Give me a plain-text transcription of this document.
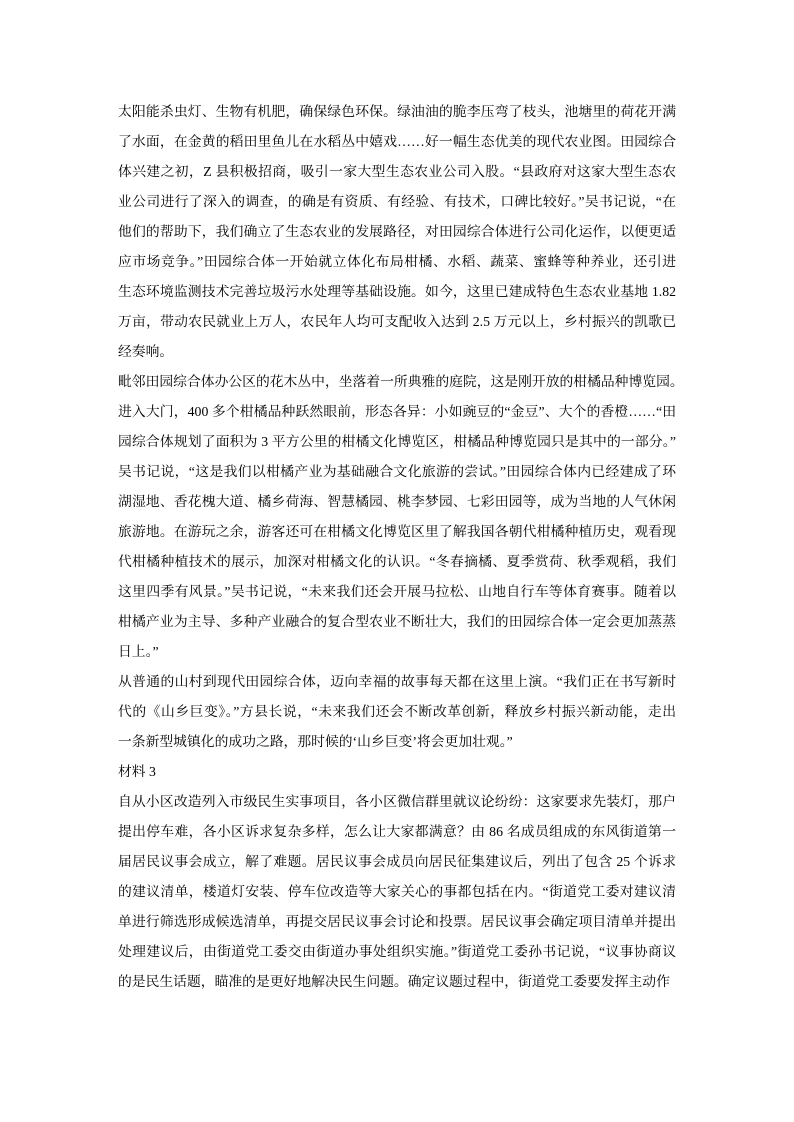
太阳能杀虫灯、生物有机肥，确保绿色环保。绿油油的脆李压弯了枝头，池塘里的荷花开满
了水面，在金黄的稻田里鱼儿在水稻丛中嬉戏……好一幅生态优美的现代农业图。田园综合
体兴建之初，Z 县积极招商，吸引一家大型生态农业公司入股。“县政府对这家大型生态农
业公司进行了深入的调查，的确是有资质、有经验、有技术，口碑比较好。”吴书记说，“在
他们的帮助下，我们确立了生态农业的发展路径，对田园综合体进行公司化运作，以便更适
应市场竞争。”田园综合体一开始就立体化布局柑橘、水稻、蔬菜、蜜蜂等种养业，还引进
生态环境监测技术完善垃圾污水处理等基础设施。如今，这里已建成特色生态农业基地 1.82
万亩，带动农民就业上万人，农民年人均可支配收入达到 2.5 万元以上，乡村振兴的凯歌已
经奏响。
毗邻田园综合体办公区的花木丛中，坐落着一所典雅的庭院，这是刚开放的柑橘品种博览园。
进入大门，400 多个柑橘品种跃然眼前，形态各异：小如豌豆的“金豆”、大个的香橙……“田
园综合体规划了面积为 3 平方公里的柑橘文化博览区，柑橘品种博览园只是其中的一部分。”
吴书记说，“这是我们以柑橘产业为基础融合文化旅游的尝试。”田园综合体内已经建成了环
湖湿地、香花槐大道、橘乡荷海、智慧橘园、桃李梦园、七彩田园等，成为当地的人气休闲
旅游地。在游玩之余，游客还可在柑橘文化博览区里了解我国各朝代柑橘种植历史，观看现
代柑橘种植技术的展示，加深对柑橘文化的认识。“冬春摘橘、夏季赏荷、秋季观稻，我们
这里四季有风景。”吴书记说，“未来我们还会开展马拉松、山地自行车等体育赛事。随着以
柑橘产业为主导、多种产业融合的复合型农业不断壮大，我们的田园综合体一定会更加蒸蒸
日上。”
从普通的山村到现代田园综合体，迈向幸福的故事每天都在这里上演。“我们正在书写新时
代的《山乡巨变》。”方县长说，“未来我们还会不断改革创新，释放乡村振兴新动能，走出
一条新型城镇化的成功之路，那时候的‘山乡巨变’将会更加壮观。”
材料 3
自从小区改造列入市级民生实事项目，各小区微信群里就议论纷纷：这家要求先装灯，那户
提出停车难，各小区诉求复杂多样，怎么让大家都满意？由 86 名成员组成的东风街道第一
届居民议事会成立，解了难题。居民议事会成员向居民征集建议后，列出了包含 25 个诉求
的建议清单，楼道灯安装、停车位改造等大家关心的事都包括在内。“街道党工委对建议清
单进行筛选形成候选清单，再提交居民议事会讨论和投票。居民议事会确定项目清单并提出
处理建议后，由街道党工委交由街道办事处组织实施。”街道党工委孙书记说，“议事协商议
的是民生话题，瞄准的是更好地解决民生问题。确定议题过程中，街道党工委要发挥主动作
